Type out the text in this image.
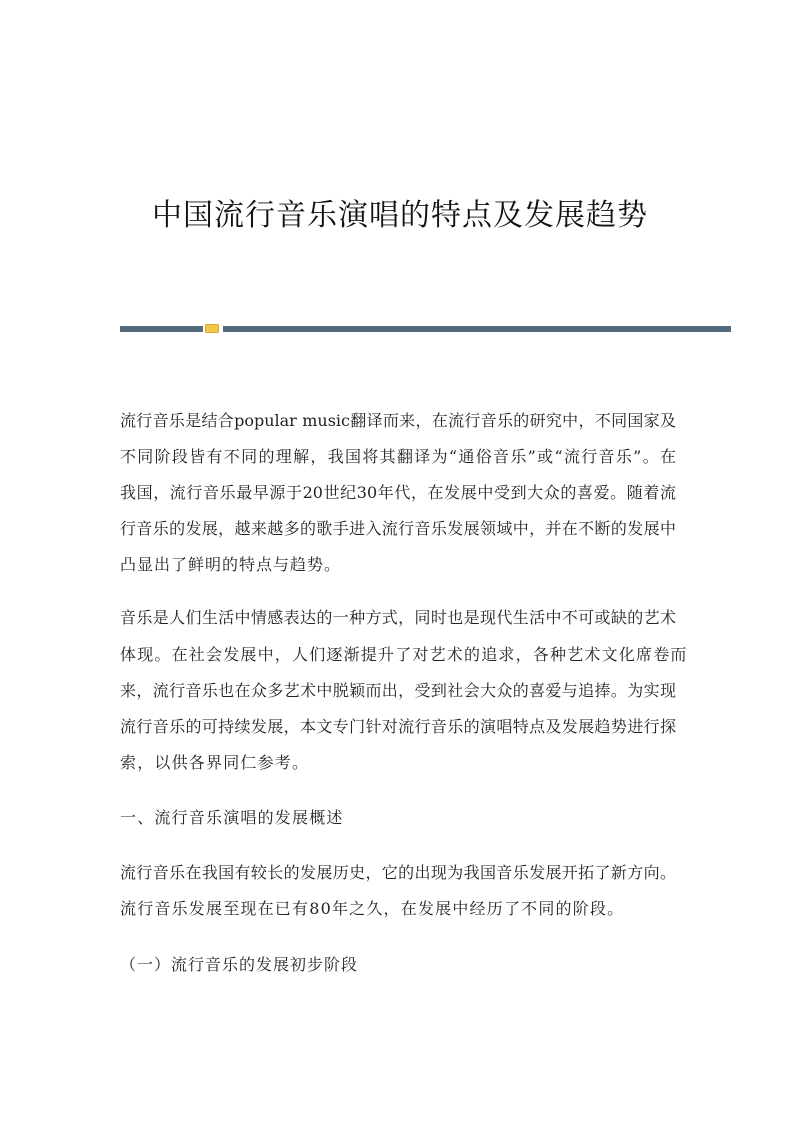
中国流行音乐演唱的特点及发展趋势
流行音乐是结合popular music翻译而来，在流行音乐的研究中，不同国家及
不同阶段皆有不同的理解，我国将其翻译为“通俗音乐”或“流行音乐”。在
我国，流行音乐最早源于20世纪30年代，在发展中受到大众的喜爱。随着流
行音乐的发展，越来越多的歌手进入流行音乐发展领域中，并在不断的发展中
凸显出了鲜明的特点与趋势。
音乐是人们生活中情感表达的一种方式，同时也是现代生活中不可或缺的艺术
体现。在社会发展中，人们逐渐提升了对艺术的追求，各种艺术文化席卷而
来，流行音乐也在众多艺术中脱颖而出，受到社会大众的喜爱与追捧。为实现
流行音乐的可持续发展，本文专门针对流行音乐的演唱特点及发展趋势进行探
索，以供各界同仁参考。
一、流行音乐演唱的发展概述
流行音乐在我国有较长的发展历史，它的出现为我国音乐发展开拓了新方向。
流行音乐发展至现在已有80年之久，在发展中经历了不同的阶段。
（一）流行音乐的发展初步阶段
